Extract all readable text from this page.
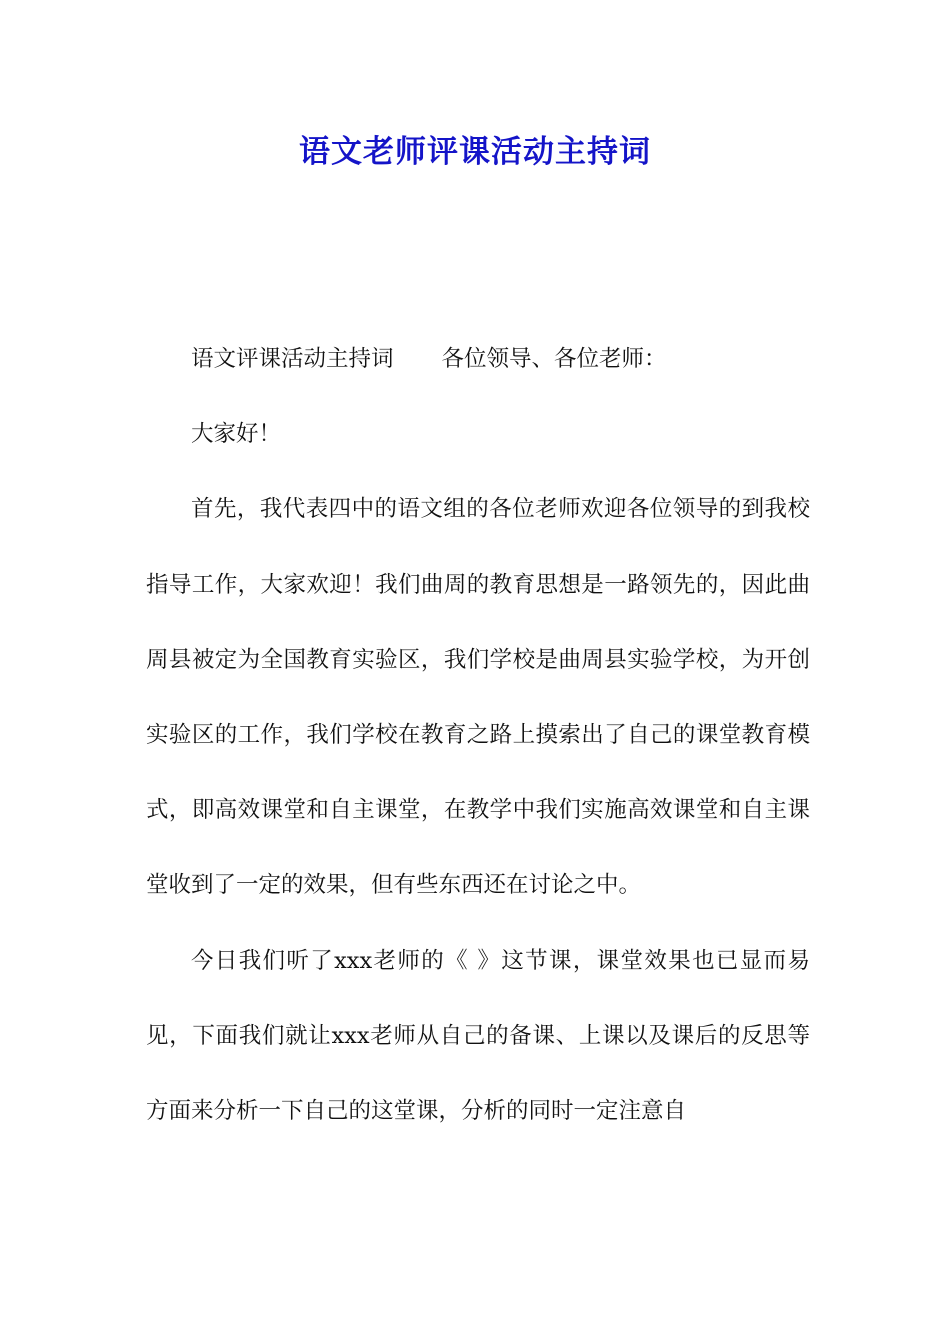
语文老师评课活动主持词

语文评课活动主持词 各位领导、各位老师：

大家好！

首先，我代表四中的语文组的各位老师欢迎各位领导的到我校指导工作，大家欢迎！我们曲周的教育思想是一路领先的，因此曲周县被定为全国教育实验区，我们学校是曲周县实验学校，为开创实验区的工作，我们学校在教育之路上摸索出了自己的课堂教育模式，即高效课堂和自主课堂，在教学中我们实施高效课堂和自主课堂收到了一定的效果，但有些东西还在讨论之中。

今日我们听了xxx老师的《 》这节课，课堂效果也已显而易见，下面我们就让xxx老师从自己的备课、上课以及课后的反思等方面来分析一下自己的这堂课，分析的同时一定注意自
